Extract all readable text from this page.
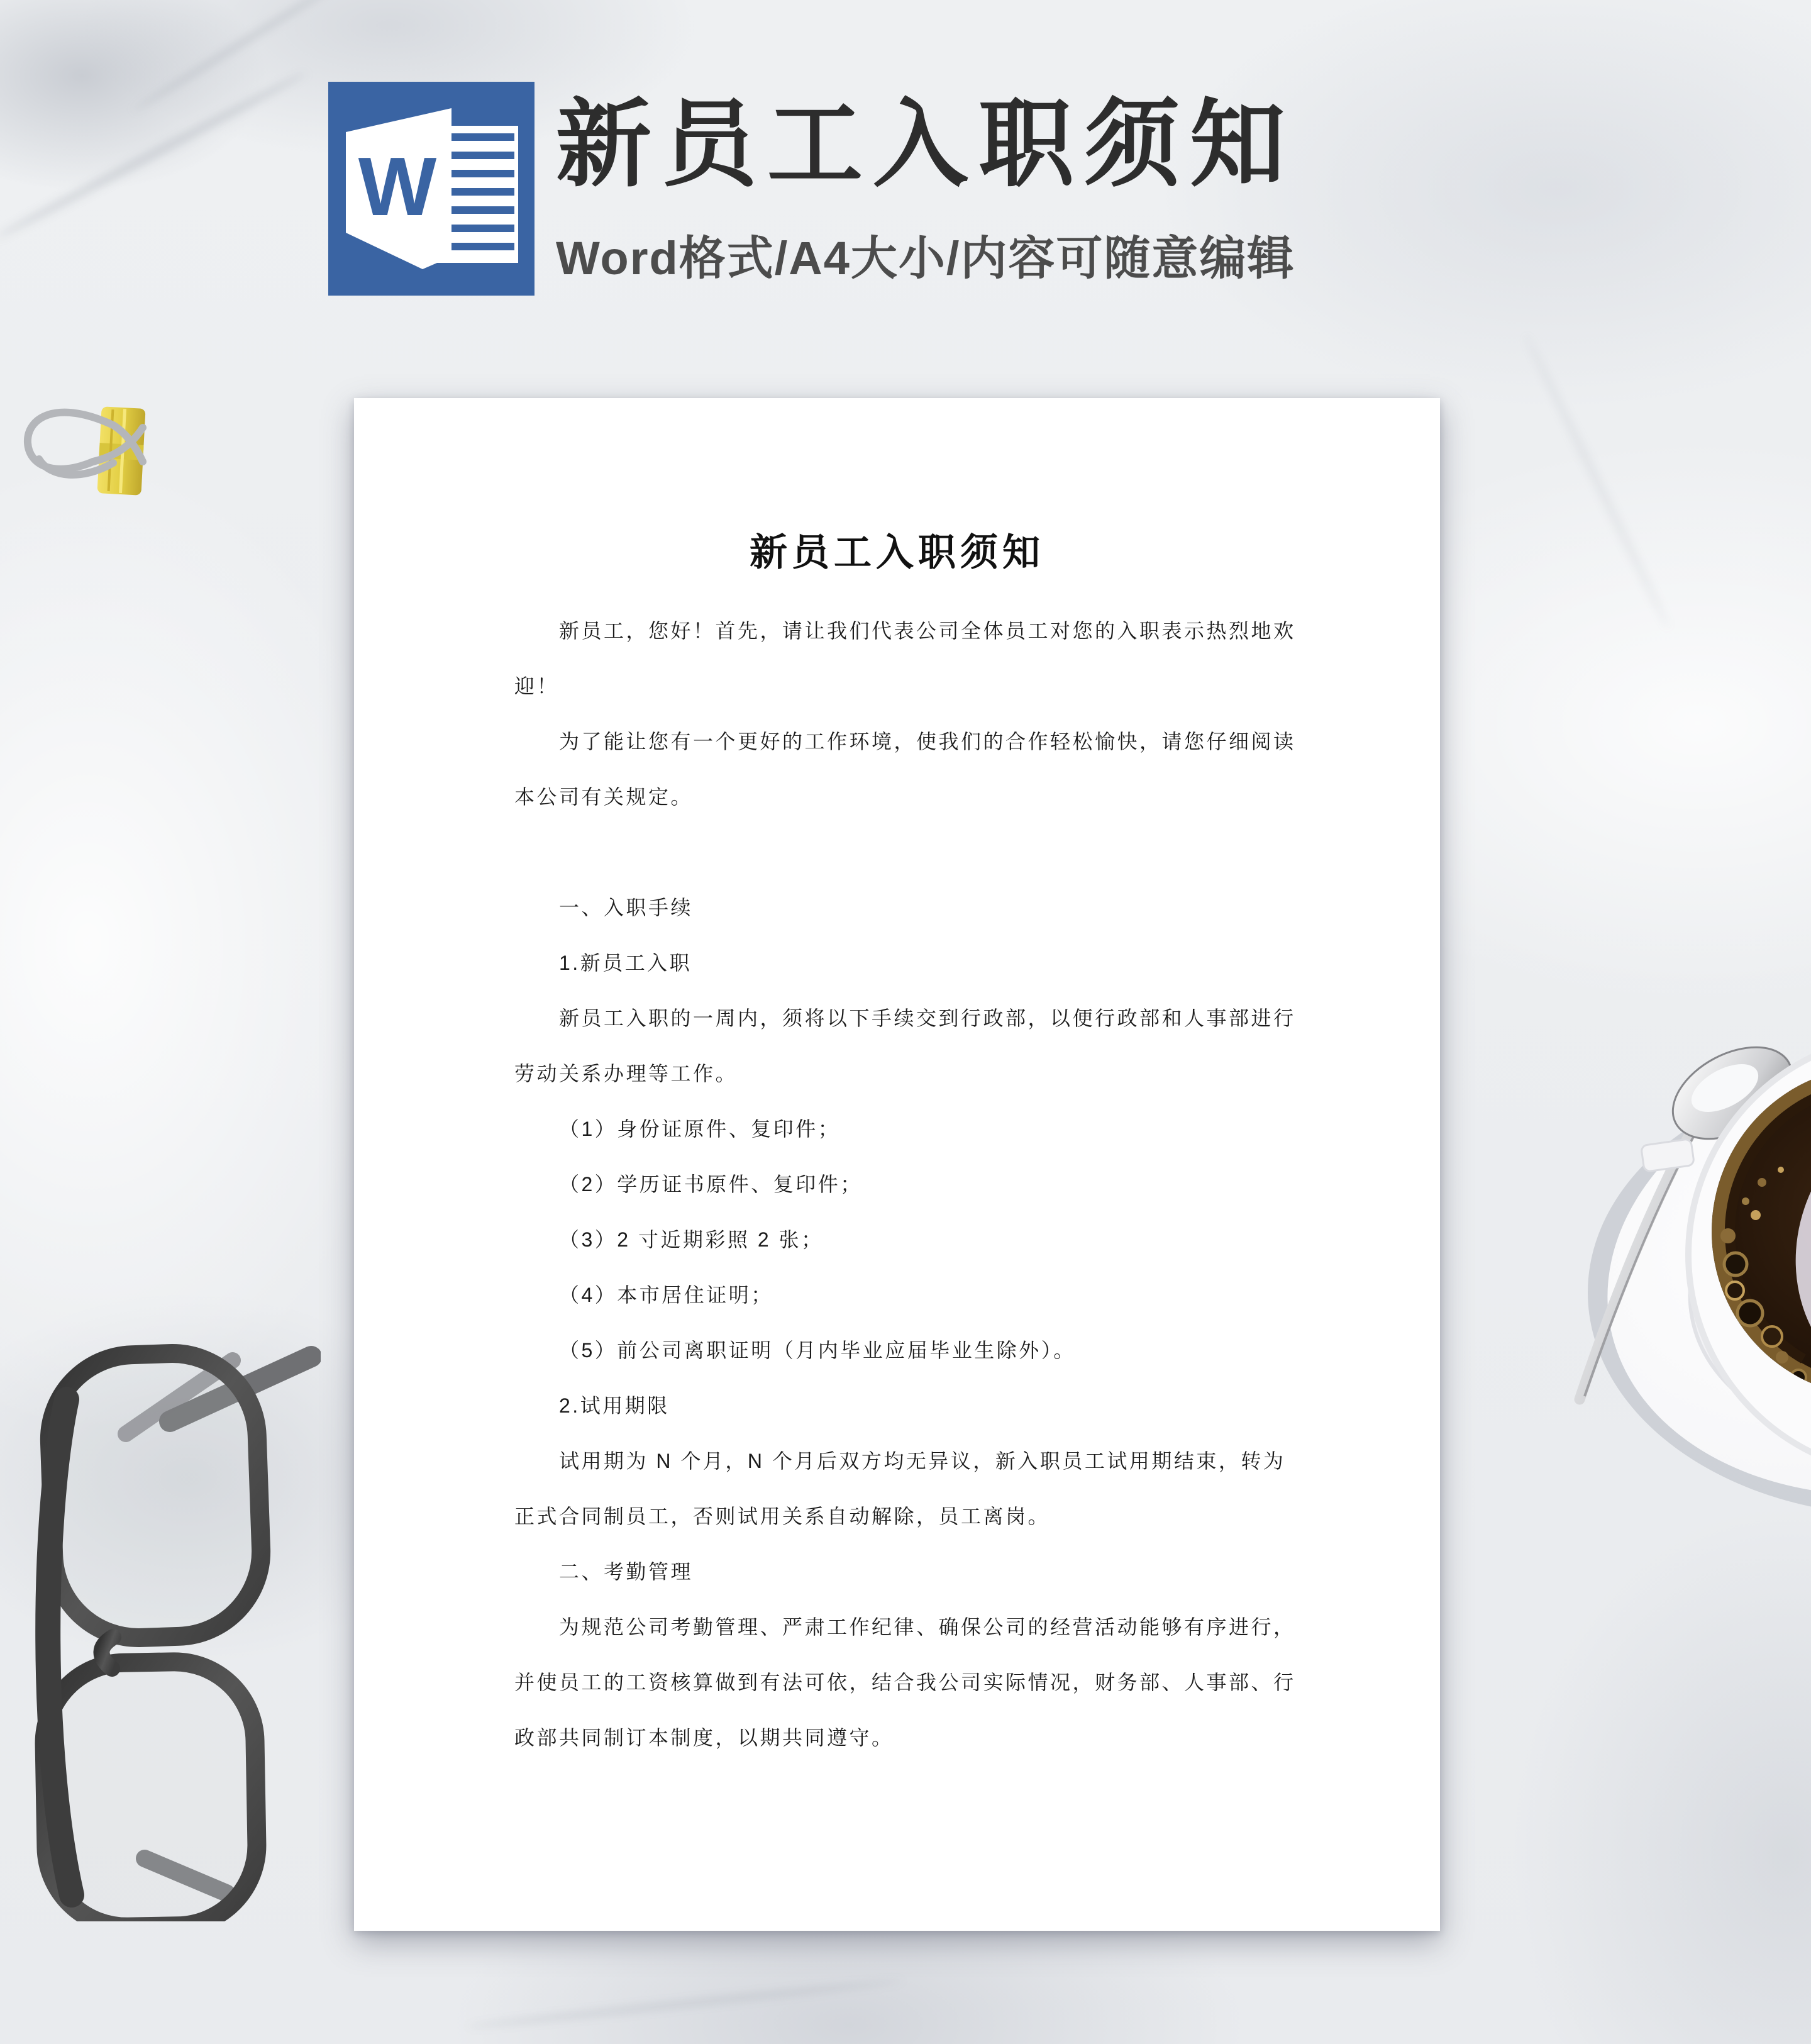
W 新员工入职须知

Word格式/A4大小/内容可随意编辑

新员工入职须知
新员工，您好！首先，请让我们代表公司全体员工对您的入职表示热烈地欢
迎！
为了能让您有一个更好的工作环境，使我们的合作轻松愉快，请您仔细阅读
本公司有关规定。

一、入职手续
1.新员工入职
新员工入职的一周内，须将以下手续交到行政部，以便行政部和人事部进行
劳动关系办理等工作。
（1）身份证原件、复印件；
（2）学历证书原件、复印件；
（3）2 寸近期彩照 2 张；
（4）本市居住证明；
（5）前公司离职证明（月内毕业应届毕业生除外）。
2.试用期限
试用期为 N 个月，N 个月后双方均无异议，新入职员工试用期结束，转为
正式合同制员工，否则试用关系自动解除，员工离岗。
二、考勤管理
为规范公司考勤管理、严肃工作纪律、确保公司的经营活动能够有序进行，
并使员工的工资核算做到有法可依，结合我公司实际情况，财务部、人事部、行
政部共同制订本制度，以期共同遵守。
